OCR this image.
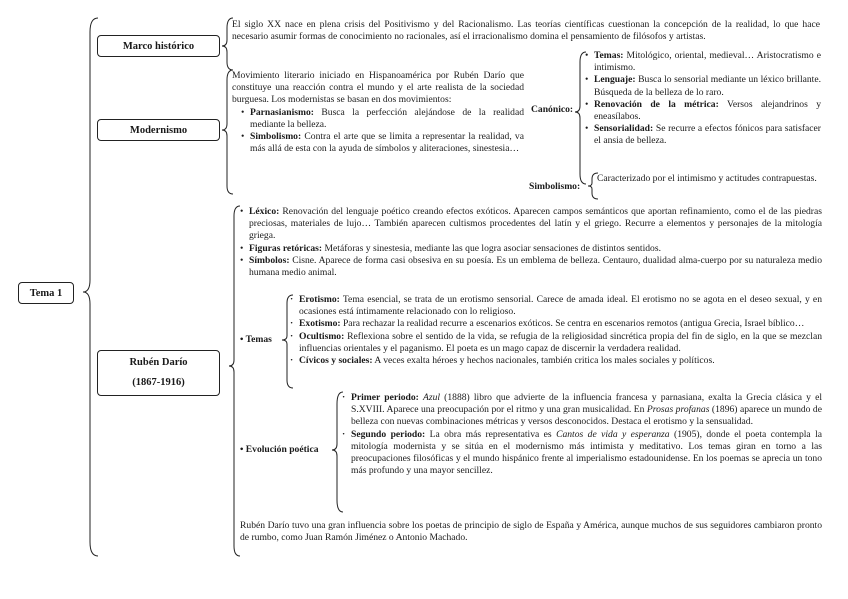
Tema 1
Marco histórico

El siglo XX nace en plena crisis del Positivismo y del Racionalismo. Las teorías científicas cuestionan la concepción de la realidad, lo que hace necesario asumir formas de conocimiento no racionales, así el irracionalismo domina el pensamiento de filósofos y artistas.

Modernismo

Movimiento literario iniciado en Hispanoamérica por Rubén Darío que constituye una reacción contra el mundo y el arte realista de la sociedad burguesa. Los modernistas se basan en dos movimientos:

• Parnasianismo: Busca la perfección alejándose de la realidad mediante la belleza.
• Simbolismo: Contra el arte que se limita a representar la realidad, va más allá de esta con la ayuda de símbolos y aliteraciones, sinestesia…
Canónico:
• Temas: Mitológico, oriental, medieval… Aristocratismo e intimismo.
• Lenguaje: Busca lo sensorial mediante un léxico brillante. Búsqueda de la belleza de lo raro.
• Renovación de la métrica: Versos alejandrinos y eneasílabos.
• Sensorialidad: Se recurre a efectos fónicos para satisfacer el ansia de belleza.
Simbolismo:

Caracterizado por el intimismo y actitudes contrapuestas.

Rubén Darío
(1867-1916)
• Léxico: Renovación del lenguaje poético creando efectos exóticos. Aparecen campos semánticos que aportan refinamiento, como el de las piedras preciosas, materiales de lujo… También aparecen cultismos procedentes del latín y el griego. Recurre a elementos y personajes de la mitología griega.
• Figuras retóricas: Metáforas y sinestesia, mediante las que logra asociar sensaciones de distintos sentidos.
• Símbolos: Cisne. Aparece de forma casi obsesiva en su poesía. Es un emblema de belleza. Centauro, dualidad alma-cuerpo por su naturaleza medio humana medio animal.
• Temas
· Erotismo: Tema esencial, se trata de un erotismo sensorial. Carece de amada ideal. El erotismo no se agota en el deseo sexual, y en ocasiones está íntimamente relacionado con lo religioso.
· Exotismo: Para rechazar la realidad recurre a escenarios exóticos. Se centra en escenarios remotos (antigua Grecia, Israel bíblico…
· Ocultismo: Reflexiona sobre el sentido de la vida, se refugia de la religiosidad sincrética propia del fin de siglo, en la que se mezclan influencias orientales y el paganismo. El poeta es un mago capaz de discernir la verdadera realidad.
· Cívicos y sociales: A veces exalta héroes y hechos nacionales, también critica los males sociales y políticos.
• Evolución poética
· Primer periodo: Azul (1888) libro que advierte de la influencia francesa y parnasiana, exalta la Grecia clásica y el S.XVIII. Aparece una preocupación por el ritmo y una gran musicalidad. En Prosas profanas (1896) aparece un mundo de belleza con nuevas combinaciones métricas y versos desconocidos. Destaca el erotismo y la sensualidad.
· Segundo periodo: La obra más representativa es Cantos de vida y esperanza (1905), donde el poeta contempla la mitología modernista y se sitúa en el modernismo más intimista y meditativo. Los temas giran en torno a las preocupaciones filosóficas y el mundo hispánico frente al imperialismo estadounidense. En los poemas se aprecia un tono más profundo y una mayor sencillez.

Rubén Darío tuvo una gran influencia sobre los poetas de principio de siglo de España y América, aunque muchos de sus seguidores cambiaron pronto de rumbo, como Juan Ramón Jiménez o Antonio Machado.
